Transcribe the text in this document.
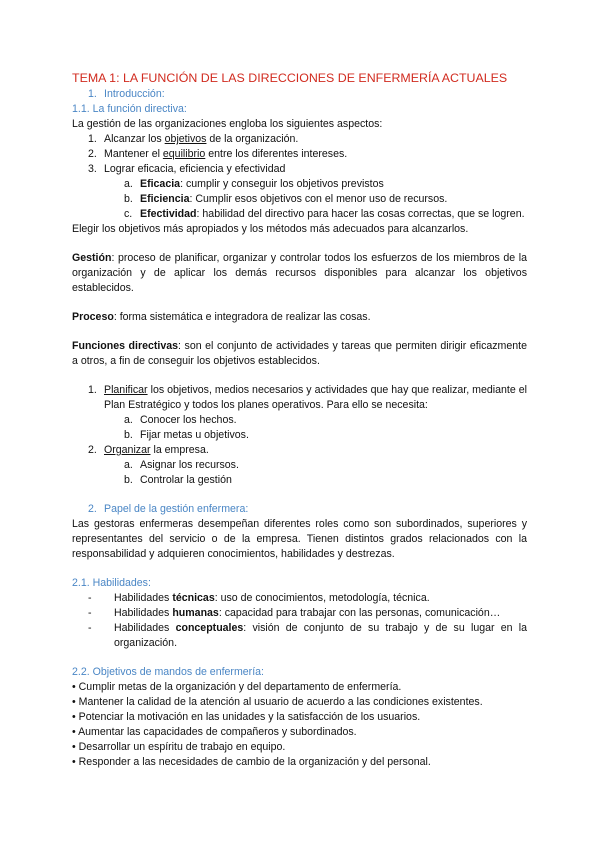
TEMA 1: LA FUNCIÓN DE LAS DIRECCIONES DE ENFERMERÍA ACTUALES
1. Introducción:
1.1. La función directiva:
La gestión de las organizaciones engloba los siguientes aspectos:
1. Alcanzar los objetivos de la organización.
2. Mantener el equilibrio entre los diferentes intereses.
3. Lograr eficacia, eficiencia y efectividad
a. Eficacia: cumplir y conseguir los objetivos previstos
b. Eficiencia: Cumplir esos objetivos con el menor uso de recursos.
c. Efectividad: habilidad del directivo para hacer las cosas correctas, que se logren.
Elegir los objetivos más apropiados y los métodos más adecuados para alcanzarlos.
Gestión: proceso de planificar, organizar y controlar todos los esfuerzos de los miembros de la organización y de aplicar los demás recursos disponibles para alcanzar los objetivos establecidos.
Proceso: forma sistemática e integradora de realizar las cosas.
Funciones directivas: son el conjunto de actividades y tareas que permiten dirigir eficazmente a otros, a fin de conseguir los objetivos establecidos.
1. Planificar los objetivos, medios necesarios y actividades que hay que realizar, mediante el Plan Estratégico y todos los planes operativos. Para ello se necesita:
a. Conocer los hechos.
b. Fijar metas u objetivos.
2. Organizar la empresa.
a. Asignar los recursos.
b. Controlar la gestión
2. Papel de la gestión enfermera:
Las gestoras enfermeras desempeñan diferentes roles como son subordinados, superiores y representantes del servicio o de la empresa. Tienen distintos grados relacionados con la responsabilidad y adquieren conocimientos, habilidades y destrezas.
2.1. Habilidades:
-	Habilidades técnicas: uso de conocimientos, metodología, técnica.
-	Habilidades humanas: capacidad para trabajar con las personas, comunicación…
-	Habilidades conceptuales: visión de conjunto de su trabajo y de su lugar en la organización.
2.2. Objetivos de mandos de enfermería:
• Cumplir metas de la organización y del departamento de enfermería.
• Mantener la calidad de la atención al usuario de acuerdo a las condiciones existentes.
• Potenciar la motivación en las unidades y la satisfacción de los usuarios.
• Aumentar las capacidades de compañeros y subordinados.
• Desarrollar un espíritu de trabajo en equipo.
• Responder a las necesidades de cambio de la organización y del personal.
